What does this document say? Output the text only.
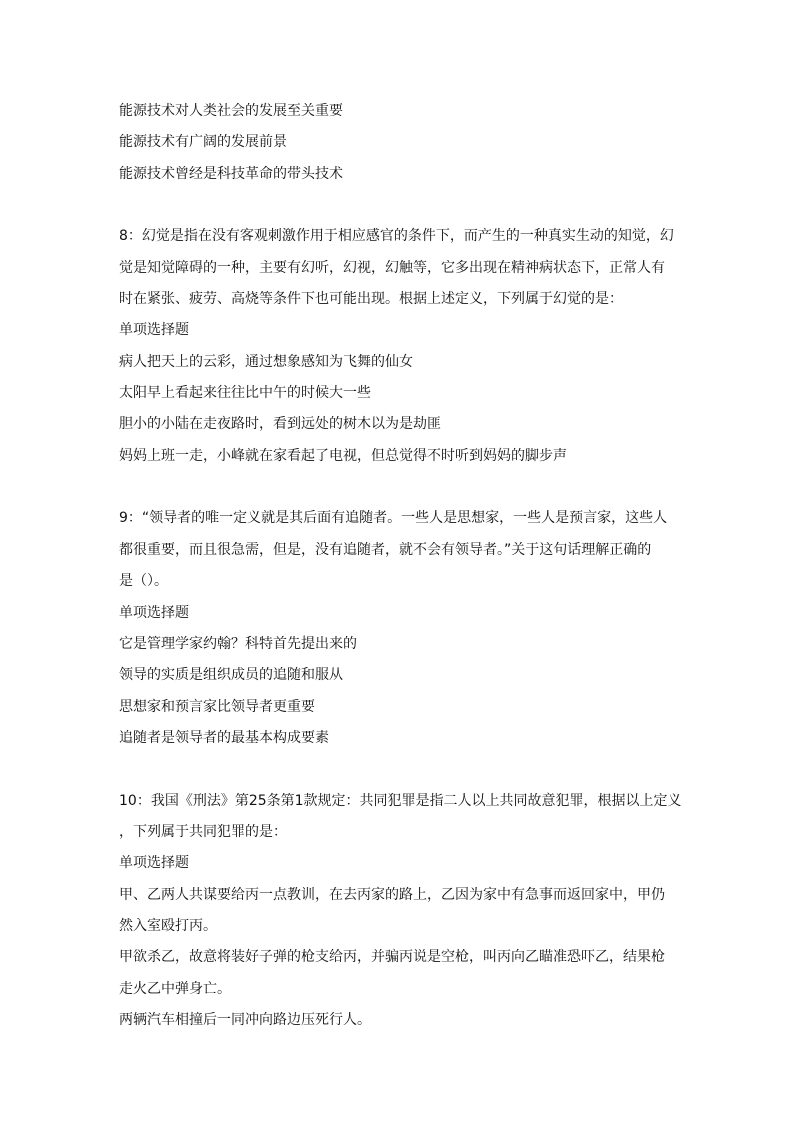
能源技术对人类社会的发展至关重要
能源技术有广阔的发展前景
能源技术曾经是科技革命的带头技术
8：幻觉是指在没有客观刺激作用于相应感官的条件下，而产生的一种真实生动的知觉，幻
觉是知觉障碍的一种，主要有幻听，幻视，幻触等，它多出现在精神病状态下，正常人有
时在紧张、疲劳、高烧等条件下也可能出现。根据上述定义，下列属于幻觉的是：
单项选择题
病人把天上的云彩，通过想象感知为飞舞的仙女
太阳早上看起来往往比中午的时候大一些
胆小的小陆在走夜路时，看到远处的树木以为是劫匪
妈妈上班一走，小峰就在家看起了电视，但总觉得不时听到妈妈的脚步声
9：“领导者的唯一定义就是其后面有追随者。一些人是思想家，一些人是预言家，这些人
都很重要，而且很急需，但是，没有追随者，就不会有领导者。”关于这句话理解正确的
是（）。
单项选择题
它是管理学家约翰？科特首先提出来的
领导的实质是组织成员的追随和服从
思想家和预言家比领导者更重要
追随者是领导者的最基本构成要素
10：我国《刑法》第25条第1款规定：共同犯罪是指二人以上共同故意犯罪，根据以上定义
，下列属于共同犯罪的是：
单项选择题
甲、乙两人共谋要给丙一点教训，在去丙家的路上，乙因为家中有急事而返回家中，甲仍
然入室殴打丙。
甲欲杀乙，故意将装好子弹的枪支给丙，并骗丙说是空枪，叫丙向乙瞄准恐吓乙，结果枪
走火乙中弹身亡。
两辆汽车相撞后一同冲向路边压死行人。
